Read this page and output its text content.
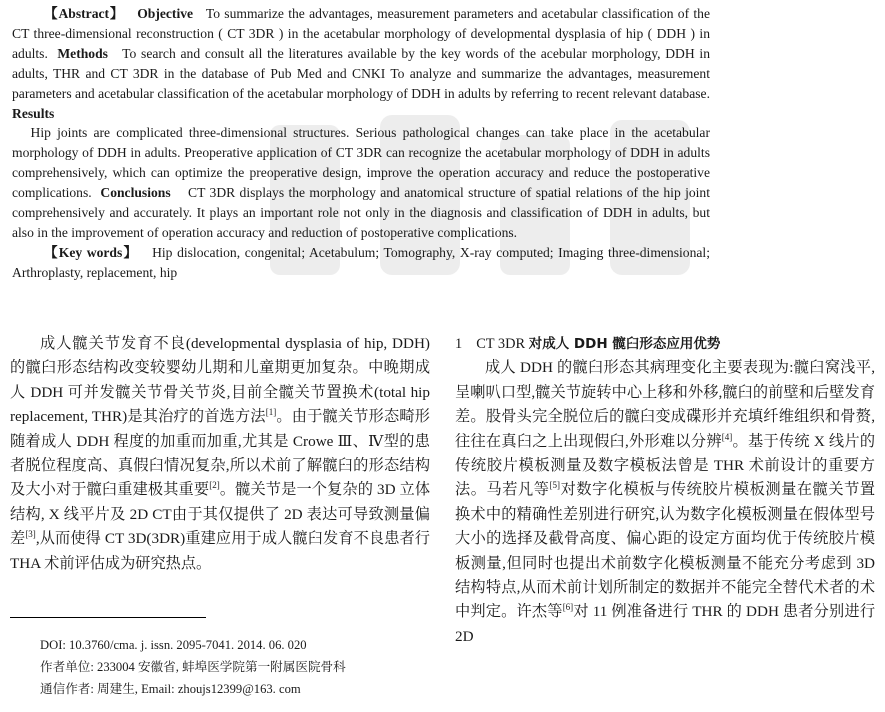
【Abstract】 Objective To summarize the advantages, measurement parameters and acetabular classification of the CT three-dimensional reconstruction ( CT 3DR ) in the acetabular morphology of developmental dysplasia of hip ( DDH ) in adults. Methods To search and consult all the literatures available by the key words of the acebular morphology, DDH in adults, THR and CT 3DR in the database of Pub Med and CNKI To analyze and summarize the advantages, measurement parameters and acetabular classification of the acetabular morphology of DDH in adults by referring to recent relevant database. Results
Hip joints are complicated three-dimensional structures. Serious pathological changes can take place in the acetabular morphology of DDH in adults. Preoperative application of CT 3DR can recognize the acetabular morphology of DDH in adults comprehensively, which can optimize the preoperative design, improve the operation accuracy and reduce the postoperative complications. Conclusions CT 3DR displays the morphology and anatomical structure of spatial relations of the hip joint comprehensively and accurately. It plays an important role not only in the diagnosis and classification of DDH in adults, but also in the improvement of operation accuracy and reduction of postoperative complications.

【Key words】 Hip dislocation, congenital; Acetabulum; Tomography, X-ray computed; Imaging three-dimensional; Arthroplasty, replacement, hip

成人髋关节发育不良(developmental dysplasia of hip, DDH)的髋臼形态结构改变较婴幼儿期和儿童期更加复杂。中晚期成人 DDH 可并发髋关节骨关节炎,目前全髋关节置换术(total hip replacement, THR)是其治疗的首选方法[1]。由于髋关节形态畸形随着成人 DDH 程度的加重而加重,尤其是 Crowe Ⅲ、Ⅳ型的患者脱位程度高、真假臼情况复杂,所以术前了解髋臼的形态结构及大小对于髋臼重建极其重要[2]。髋关节是一个复杂的 3D 立体结构, X 线平片及 2D CT由于其仅提供了 2D 表达可导致测量偏差[3],从而使得 CT 3D(3DR)重建应用于成人髋臼发育不良患者行 THA 术前评估成为研究热点。

DOI: 10.3760/cma. j. issn. 2095-7041. 2014. 06. 020
作者单位: 233004 安徽省, 蚌埠医学院第一附属医院骨科
通信作者: 周建生, Email: zhoujs12399@163. com

1 CT 3DR 对成人 DDH 髋臼形态应用优势

成人 DDH 的髋臼形态其病理变化主要表现为:髋臼窝浅平,呈喇叭口型,髋关节旋转中心上移和外移,髋臼的前壁和后壁发育差。股骨头完全脱位后的髋臼变成碟形并充填纤维组织和骨赘,往往在真臼之上出现假臼,外形难以分辨[4]。基于传统 X 线片的传统胶片模板测量及数字模板法曾是 THR 术前设计的重要方法。马若凡等[5]对数字化模板与传统胶片模板测量在髋关节置换术中的精确性差别进行研究,认为数字化模板测量在假体型号大小的选择及截骨高度、偏心距的设定方面均优于传统胶片模板测量,但同时也提出术前数字化模板测量不能充分考虑到 3D 结构特点,从而术前计划所制定的数据并不能完全替代术者的术中判定。许杰等[6]对 11 例准备进行 THR 的 DDH 患者分别进行 2D
